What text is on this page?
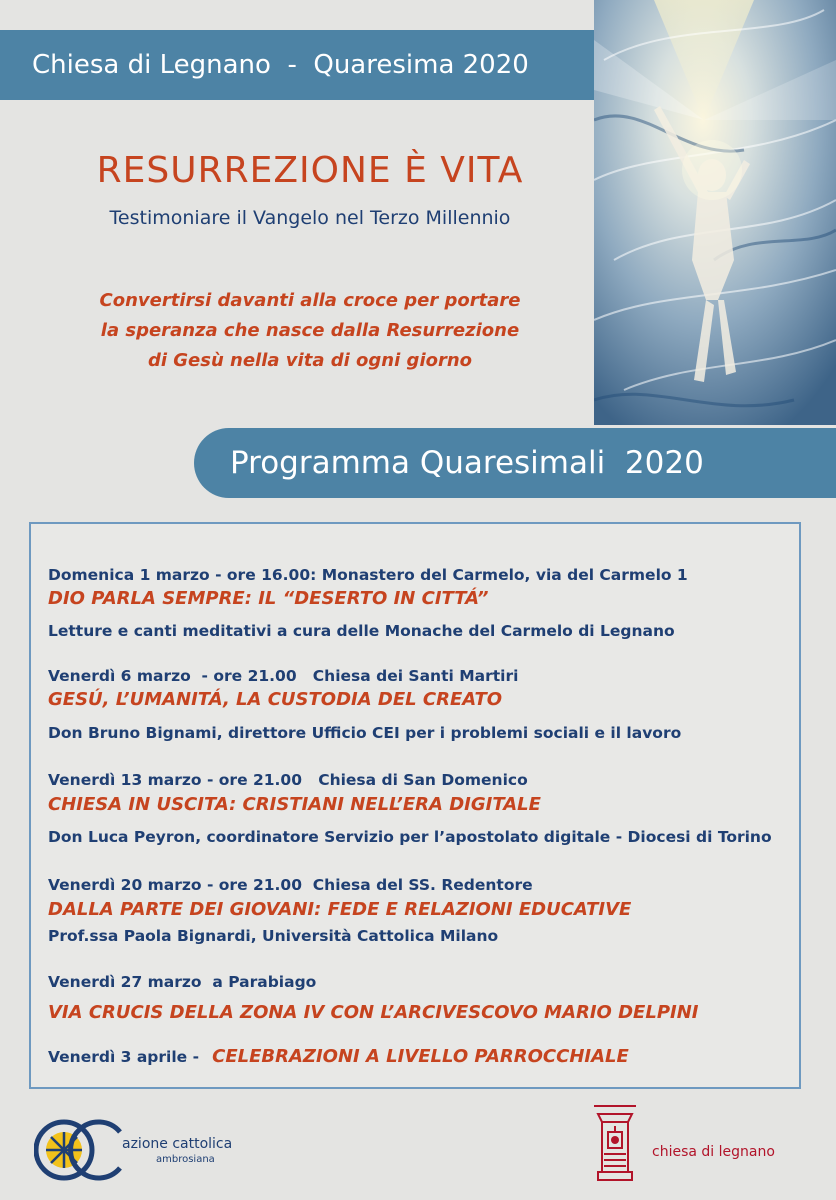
Chiesa di Legnano  -  Quaresima 2020
RESURREZIONE È VITA
Testimoniare il Vangelo nel Terzo Millennio
Convertirsi davanti alla croce per portare
la speranza che nasce dalla Resurrezione
di Gesù nella vita di ogni giorno
Programma Quaresimali  2020
Domenica 1 marzo - ore 16.00: Monastero del Carmelo, via del Carmelo 1
DIO PARLA SEMPRE: IL “DESERTO IN CITTÁ”
Letture e canti meditativi a cura delle Monache del Carmelo di Legnano
Venerdì 6 marzo  - ore 21.00   Chiesa dei Santi Martiri
GESÚ, L’UMANITÁ, LA CUSTODIA DEL CREATO
Don Bruno Bignami, direttore Ufficio CEI per i problemi sociali e il lavoro
Venerdì 13 marzo - ore 21.00   Chiesa di San Domenico
CHIESA IN USCITA: CRISTIANI NELL’ERA DIGITALE
Don Luca Peyron, coordinatore Servizio per l’apostolato digitale - Diocesi di Torino
Venerdì 20 marzo - ore 21.00  Chiesa del SS. Redentore
DALLA PARTE DEI GIOVANI: FEDE E RELAZIONI EDUCATIVE
Prof.ssa Paola Bignardi, Università Cattolica Milano
Venerdì 27 marzo  a Parabiago
VIA CRUCIS DELLA ZONA IV CON L’ARCIVESCOVO MARIO DELPINI
Venerdì 3 aprile - CELEBRAZIONI A LIVELLO PARROCCHIALE
ac
azione cattolica
ambrosiana	chiesa di legnano
